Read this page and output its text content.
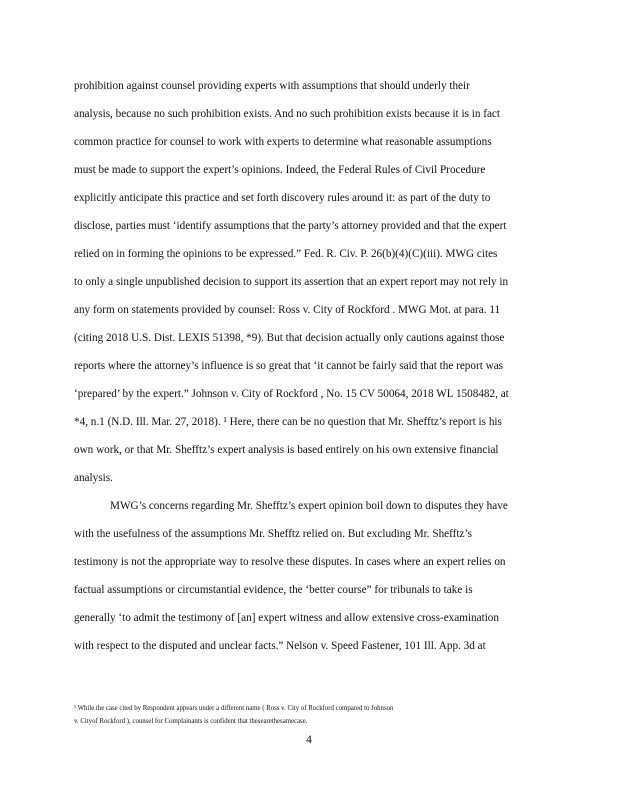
prohibition against counsel providing experts with assumptions that should underly their
analysis, because no such prohibition exists. And no such prohibition exists because it is in fact
common practice for counsel to work with experts to determine what reasonable assumptions
must be made to support the expert’s opinions. Indeed, the Federal Rules of Civil Procedure
explicitly anticipate this practice and set forth discovery rules around it: as part of the duty to
disclose, parties must ‘identify assumptions that the party’s attorney provided and that the expert
relied on in forming the opinions to be expressed.” Fed. R. Civ. P. 26(b)(4)(C)(iii). MWG cites
to only a single unpublished decision to support its assertion that an expert report may not rely in
any form on statements provided by counsel: Ross v. City of Rockford . MWG Mot. at para. 11
(citing 2018 U.S. Dist. LEXIS 51398, *9). But that decision actually only cautions against those
reports where the attorney’s influence is so great that ‘it cannot be fairly said that the report was
‘prepared’ by the expert.” Johnson v. City of Rockford , No. 15 CV 50064, 2018 WL 1508482, at
*4, n.1 (N.D. Ill. Mar. 27, 2018). ¹ Here, there can be no question that Mr. Shefftz’s report is his
own work, or that Mr. Shefftz’s expert analysis is based entirely on his own extensive financial
analysis.
MWG’s concerns regarding Mr. Shefftz’s expert opinion boil down to disputes they have
with the usefulness of the assumptions Mr. Shefftz relied on. But excluding Mr. Shefftz’s
testimony is not the appropriate way to resolve these disputes. In cases where an expert relies on
factual assumptions or circumstantial evidence, the ‘better course” for tribunals to take is
generally ‘to admit the testimony of [an] expert witness and allow extensive cross-examination
with respect to the disputed and unclear facts.” Nelson v. Speed Fastener, 101 Ill. App. 3d at
¹ While the case cited by Respondent appears under a different name ( Ross v. City of Rockford compared to Johnson
v. Cityof Rockford ), counsel for Complainants is confident that thesearethesamecase.
4
